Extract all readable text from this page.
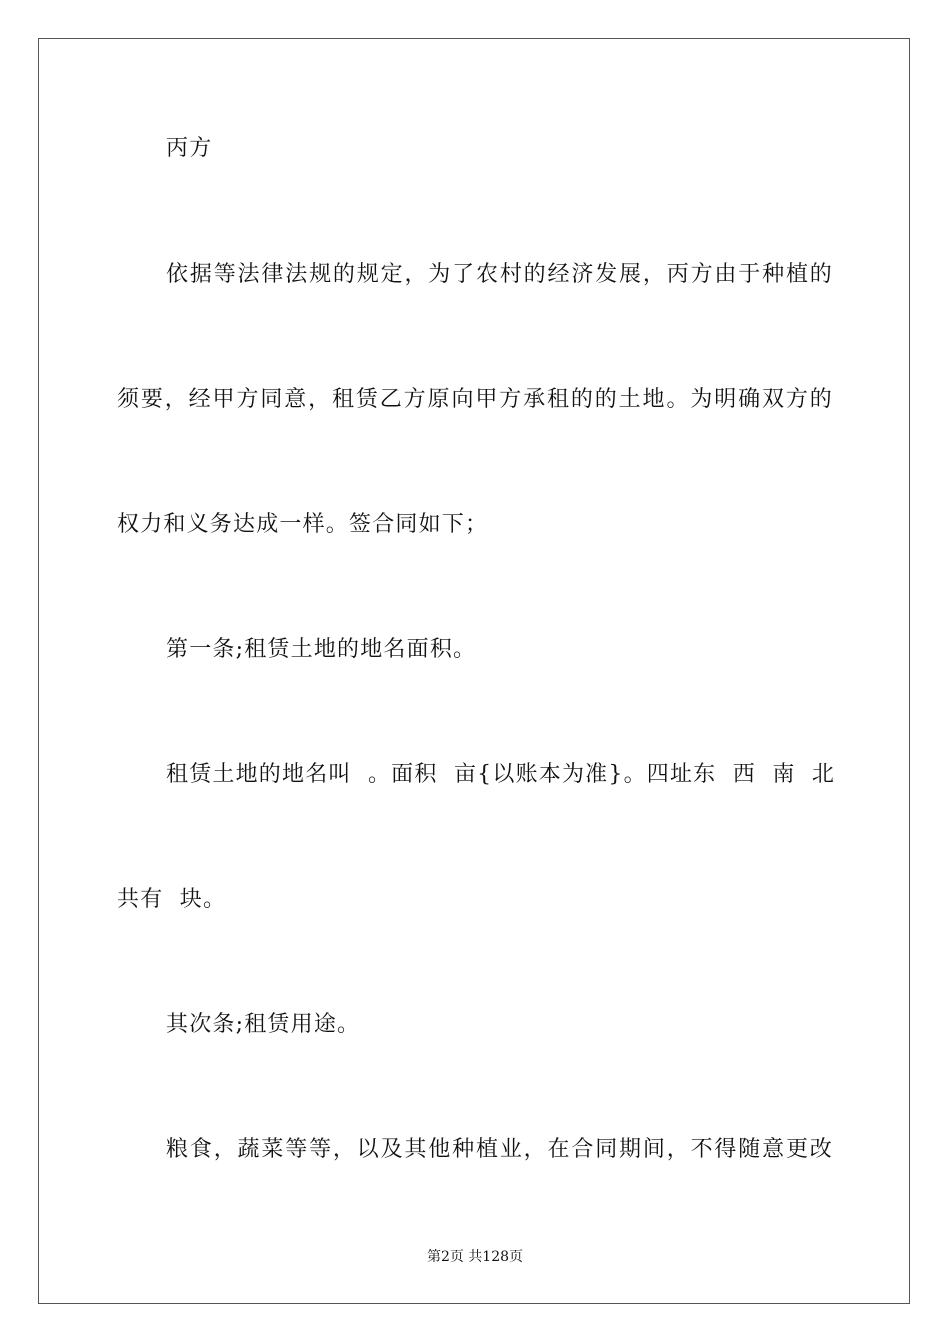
丙方
依据等法律法规的规定，为了农村的经济发展，丙方由于种植的
须要，经甲方同意，租赁乙方原向甲方承租的的土地。为明确双方的
权力和义务达成一样。签合同如下；
第一条;租赁土地的地名面积。
租赁土地的地名叫  。面积  亩{以账本为准}。四址东  西  南  北
共有  块。
其次条;租赁用途。
粮食，蔬菜等等，以及其他种植业，在合同期间，不得随意更改
第2页 共128页
